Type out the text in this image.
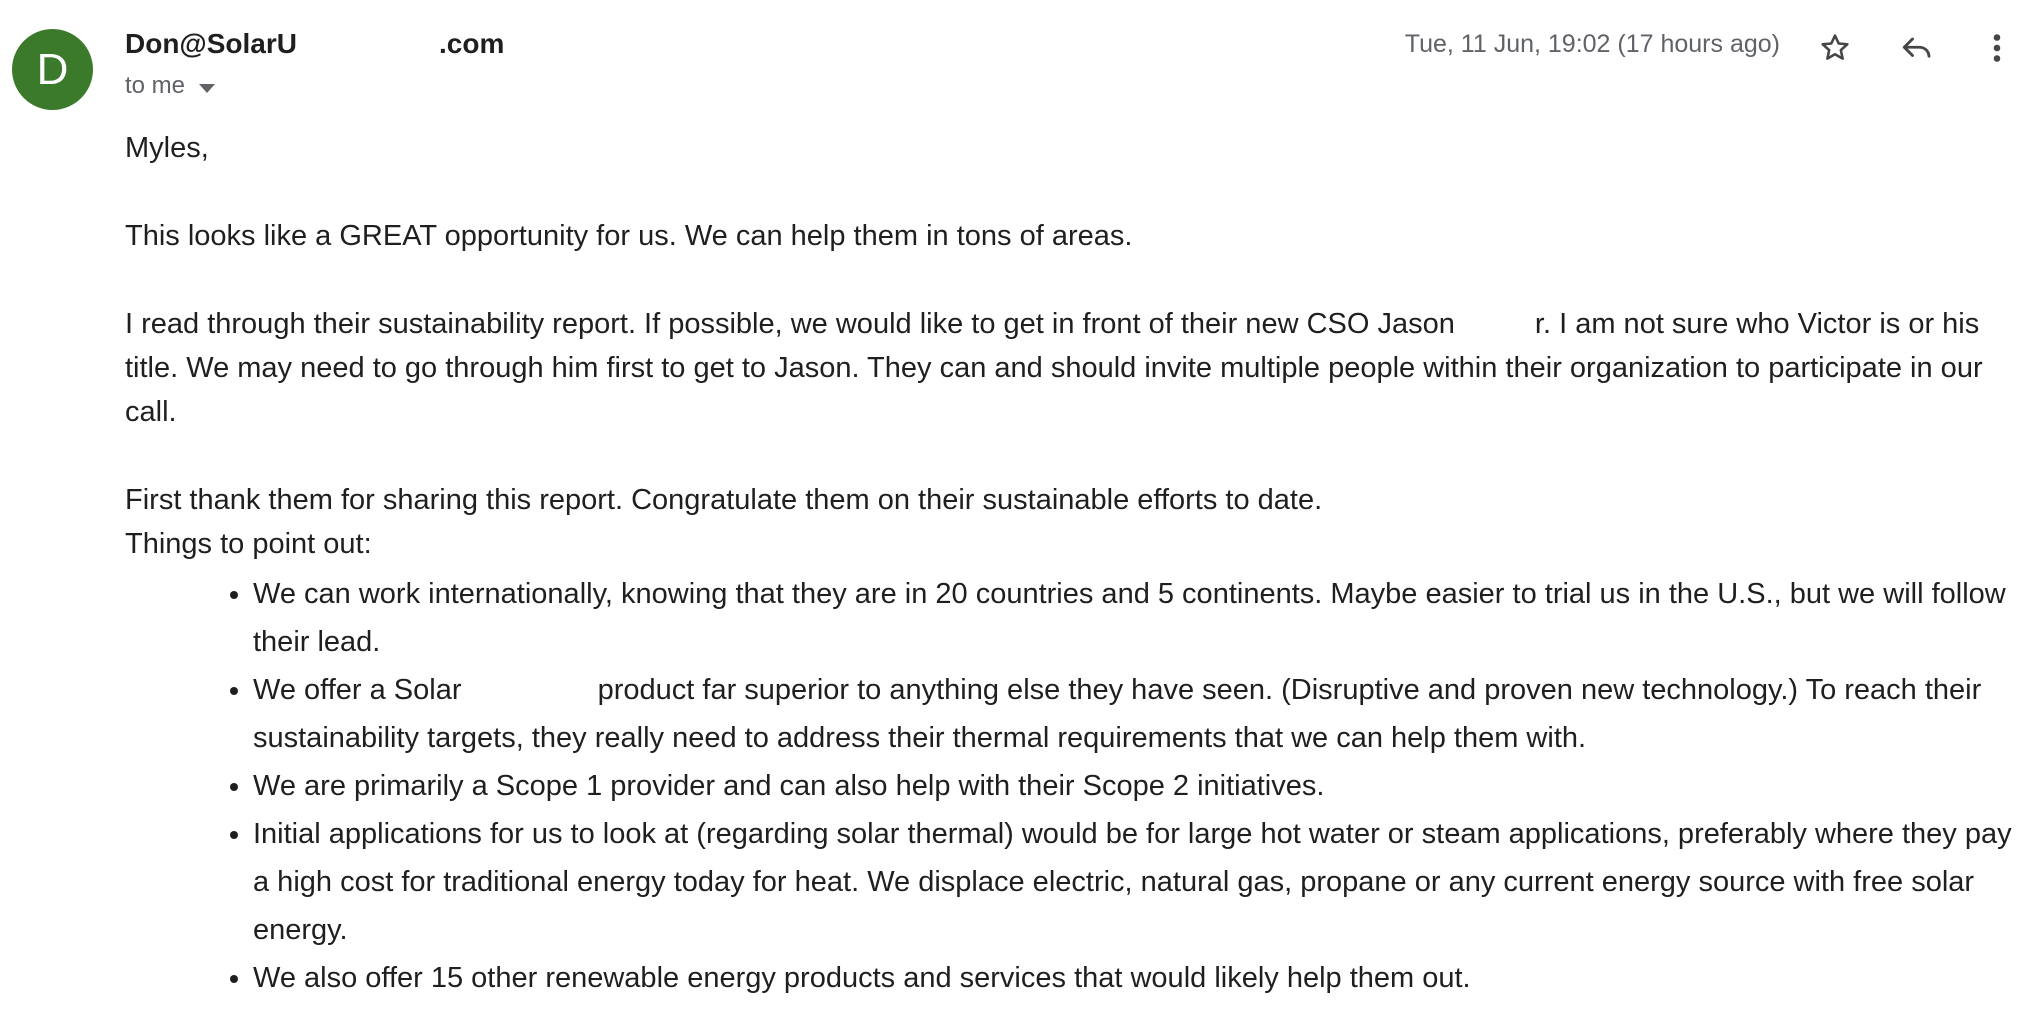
D
Don@SolarU	.com
to me
Tue, 11 Jun, 19:02 (17 hours ago)

Myles,

This looks like a GREAT opportunity for us. We can help them in tons of areas.

I read through their sustainability report. If possible, we would like to get in front of their new CSO Jason r. I am not sure who Victor is or his title. We may need to go through him first to get to Jason. They can and should invite multiple people within their organization to participate in our call.

First thank them for sharing this report. Congratulate them on their sustainable efforts to date.

Things to point out:

• We can work internationally, knowing that they are in 20 countries and 5 continents. Maybe easier to trial us in the U.S., but we will follow their lead.
• We offer a Solar	product far superior to anything else they have seen. (Disruptive and proven new technology.) To reach their sustainability targets, they really need to address their thermal requirements that we can help them with.
• We are primarily a Scope 1 provider and can also help with their Scope 2 initiatives.
• Initial applications for us to look at (regarding solar thermal) would be for large hot water or steam applications, preferably where they pay a high cost for traditional energy today for heat. We displace electric, natural gas, propane or any current energy source with free solar energy.
• We also offer 15 other renewable energy products and services that would likely help them out.
